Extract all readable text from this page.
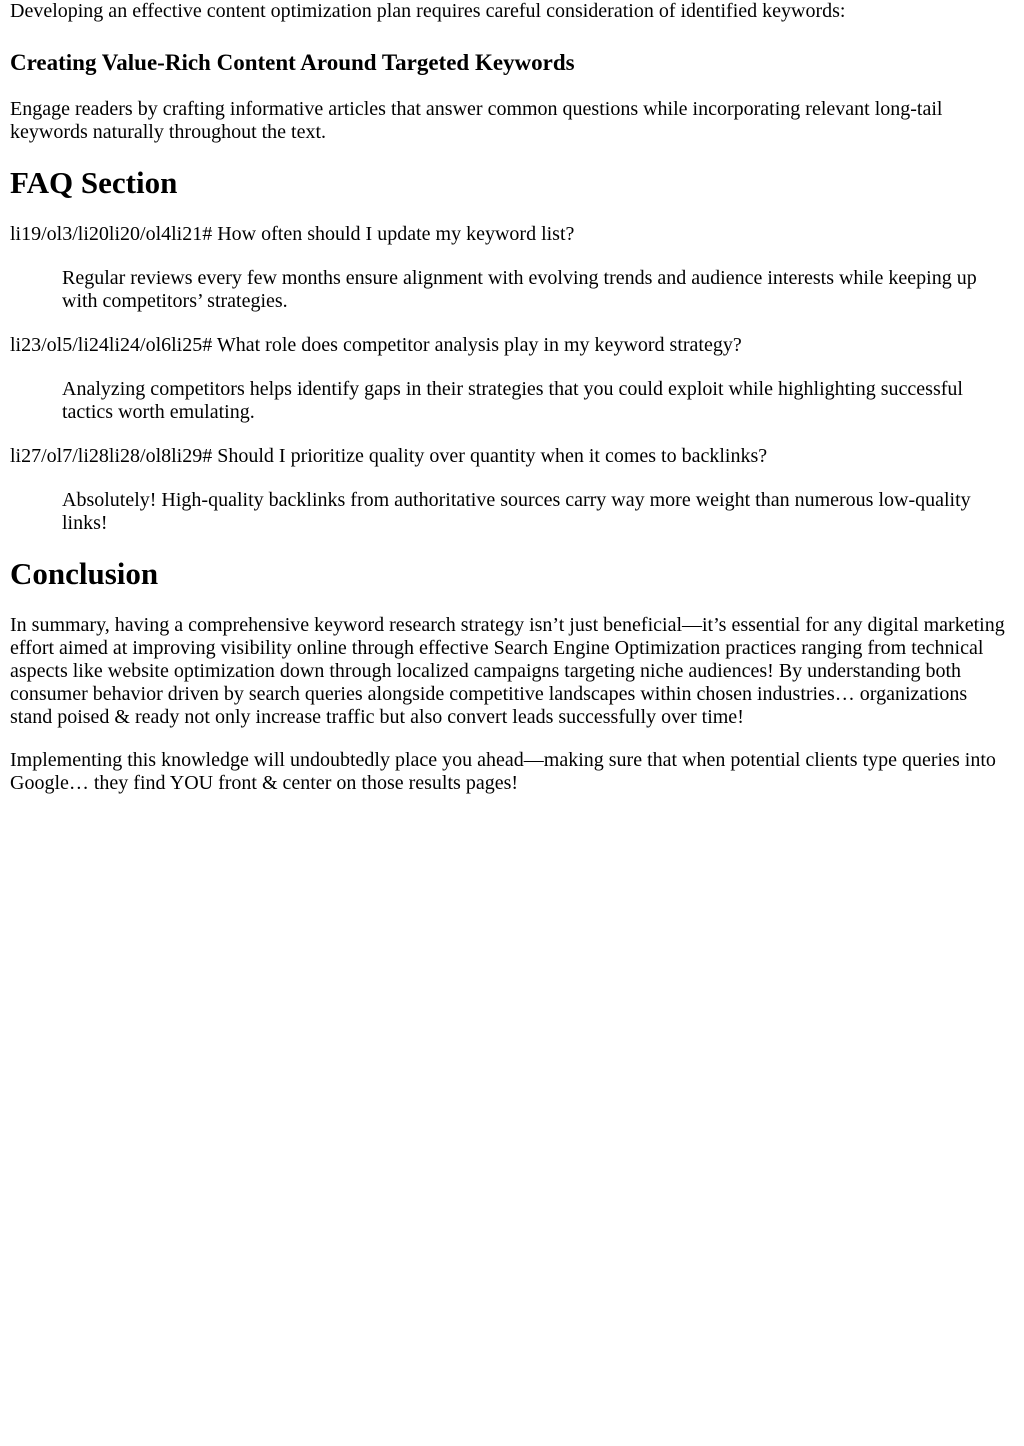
Developing an effective content optimization plan requires careful consideration of identified keywords:

Creating Value-Rich Content Around Targeted Keywords

Engage readers by crafting informative articles that answer common questions while incorporating relevant long-tail keywords naturally throughout the text.

FAQ Section

li19/ol3/li20li20/ol4li21# How often should I update my keyword list?

Regular reviews every few months ensure alignment with evolving trends and audience interests while keeping up with competitors’ strategies.

li23/ol5/li24li24/ol6li25# What role does competitor analysis play in my keyword strategy?

Analyzing competitors helps identify gaps in their strategies that you could exploit while highlighting successful tactics worth emulating.

li27/ol7/li28li28/ol8li29# Should I prioritize quality over quantity when it comes to backlinks?

Absolutely! High-quality backlinks from authoritative sources carry way more weight than numerous low-quality links!

Conclusion

In summary, having a comprehensive keyword research strategy isn’t just beneficial—it’s essential for any digital marketing effort aimed at improving visibility online through effective Search Engine Optimization practices ranging from technical aspects like website optimization down through localized campaigns targeting niche audiences! By understanding both consumer behavior driven by search queries alongside competitive landscapes within chosen industries… organizations stand poised & ready not only increase traffic but also convert leads successfully over time!

Implementing this knowledge will undoubtedly place you ahead—making sure that when potential clients type queries into Google… they find YOU front & center on those results pages!
